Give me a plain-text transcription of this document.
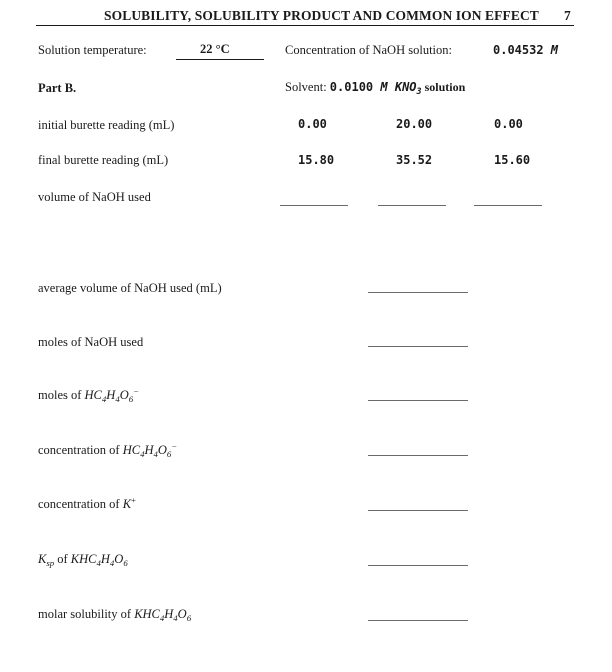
SOLUBILITY, SOLUBILITY PRODUCT AND COMMON ION EFFECT 7
Solution temperature:	22 °C	Concentration of NaOH solution:	0.04532 M
Part B.	Solvent: 0.0100 M $KNO_3$ solution
initial burette reading (mL)	0.00	20.00	0.00
final burette reading (mL)	15.80	35.52	15.60
volume of NaOH used
average volume of NaOH used (mL)
moles of NaOH used
moles of $HC_4H_4O_6^-$
concentration of $HC_4H_4O_6^-$
concentration of K+
$K_{sp}$ of $KHC_4H_4O_6$
molar solubility of $KHC_4H_4O_6$
